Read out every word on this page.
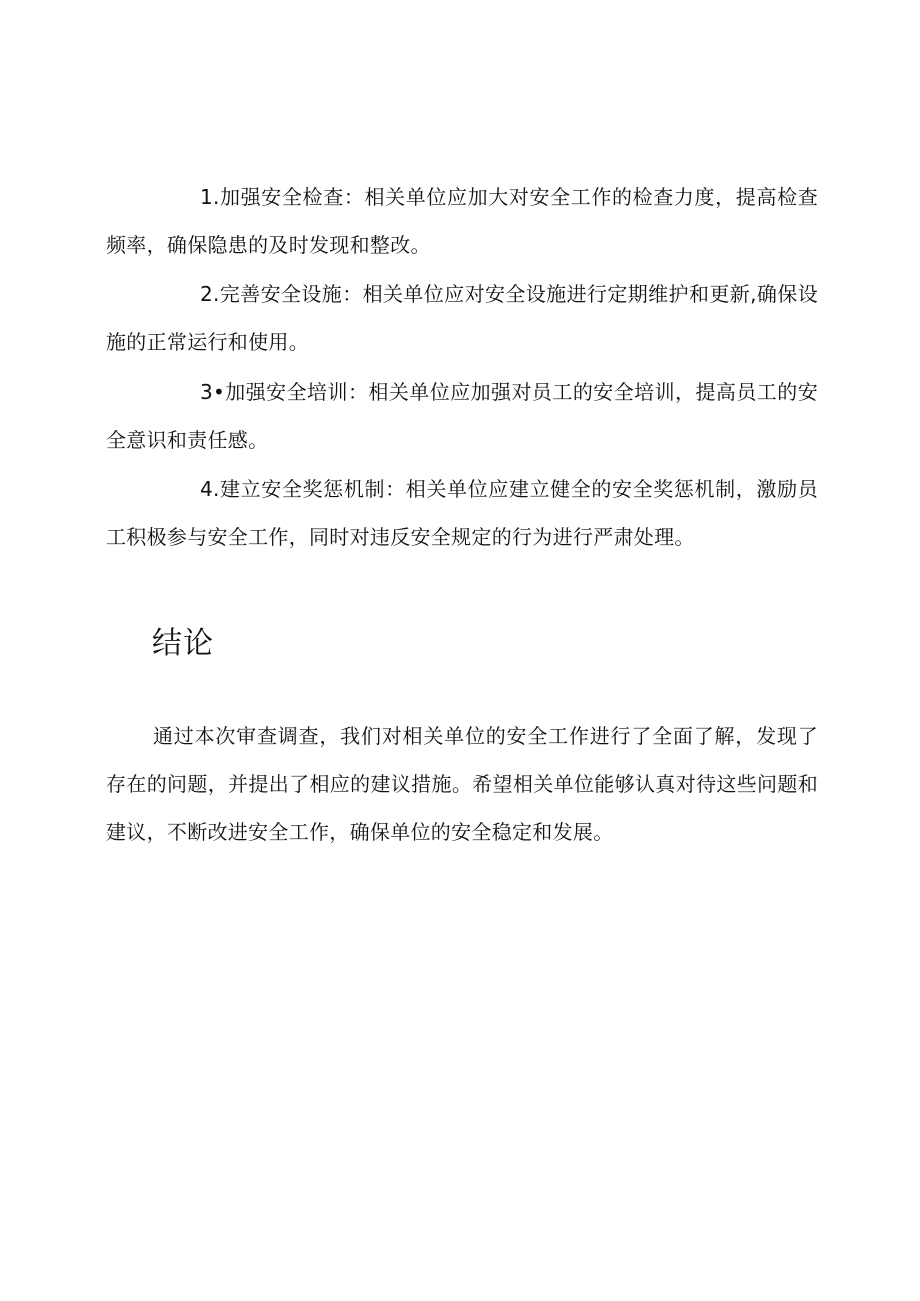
1.加强安全检查：相关单位应加大对安全工作的检查力度，提高检查频率，确保隐患的及时发现和整改。

2.完善安全设施：相关单位应对安全设施进行定期维护和更新,确保设施的正常运行和使用。

3•加强安全培训：相关单位应加强对员工的安全培训，提高员工的安全意识和责任感。

4.建立安全奖惩机制：相关单位应建立健全的安全奖惩机制，激励员工积极参与安全工作，同时对违反安全规定的行为进行严肃处理。

结论

通过本次审查调查，我们对相关单位的安全工作进行了全面了解，发现了存在的问题，并提出了相应的建议措施。希望相关单位能够认真对待这些问题和建议，不断改进安全工作，确保单位的安全稳定和发展。
